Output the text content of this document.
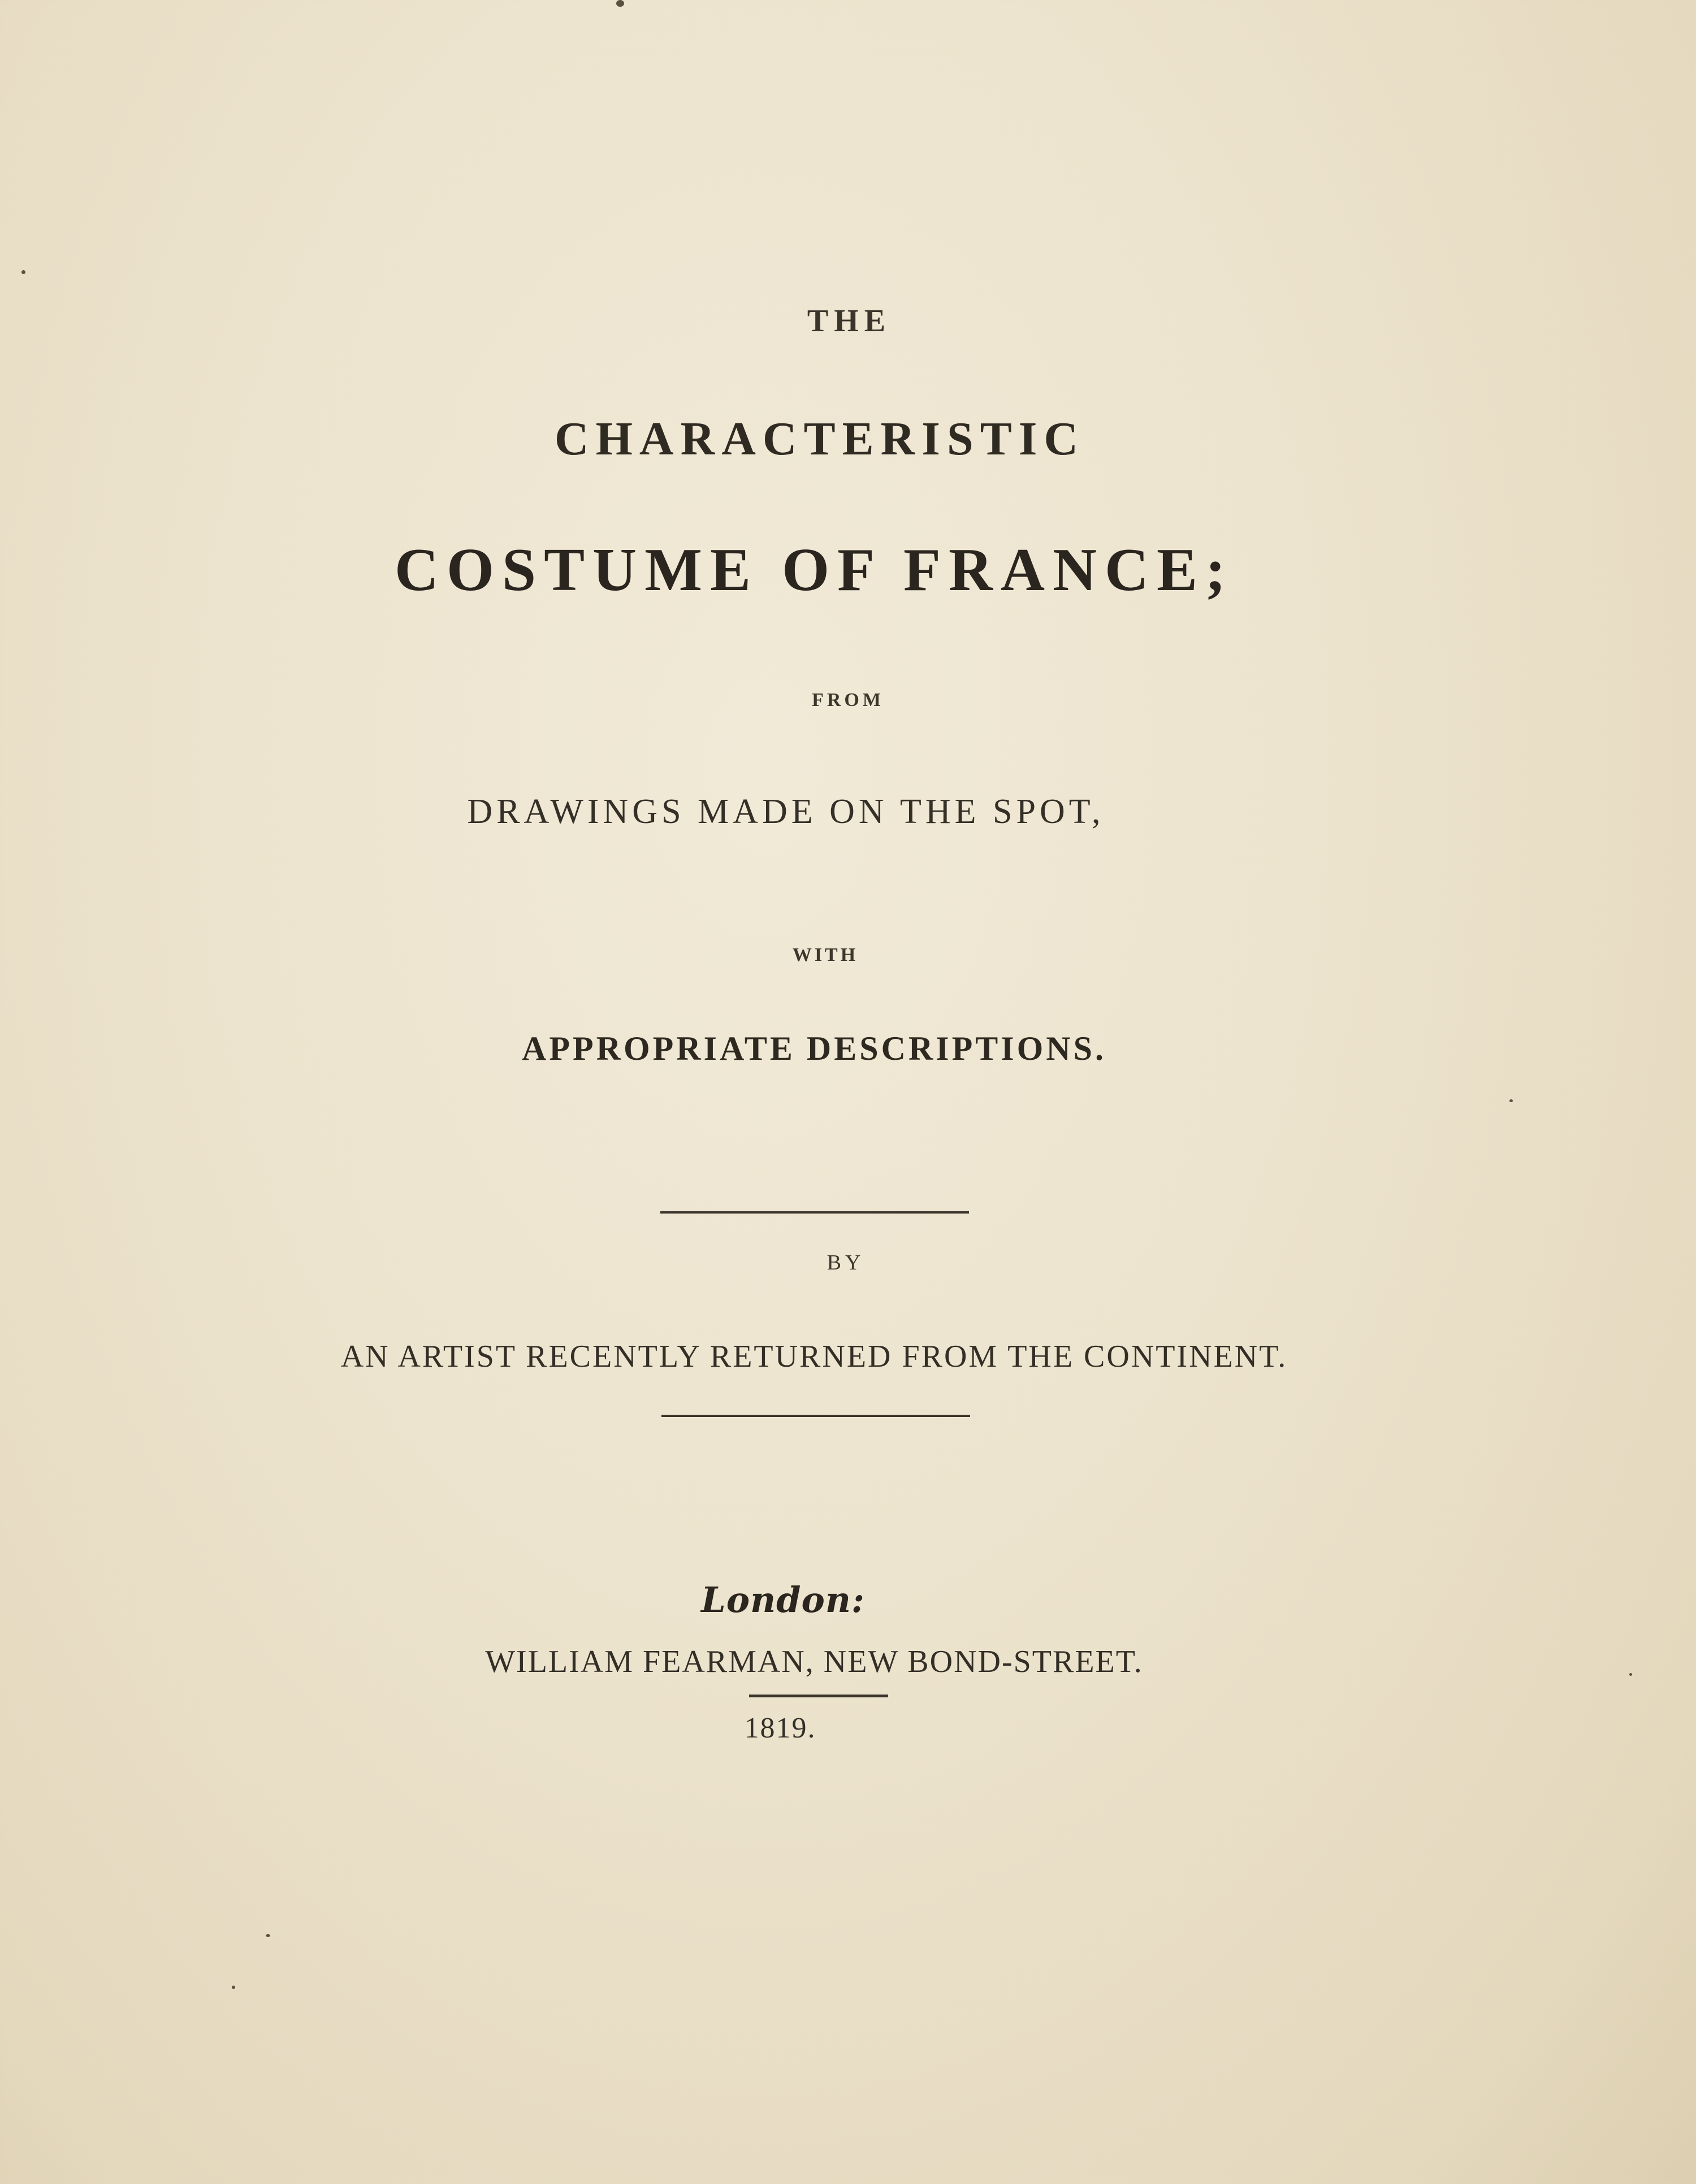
THE
CHARACTERISTIC
COSTUME OF FRANCE;
FROM
DRAWINGS MADE ON THE SPOT,
WITH
APPROPRIATE DESCRIPTIONS.
BY
AN ARTIST RECENTLY RETURNED FROM THE CONTINENT.
London:
WILLIAM FEARMAN, NEW BOND-STREET.
1819.
